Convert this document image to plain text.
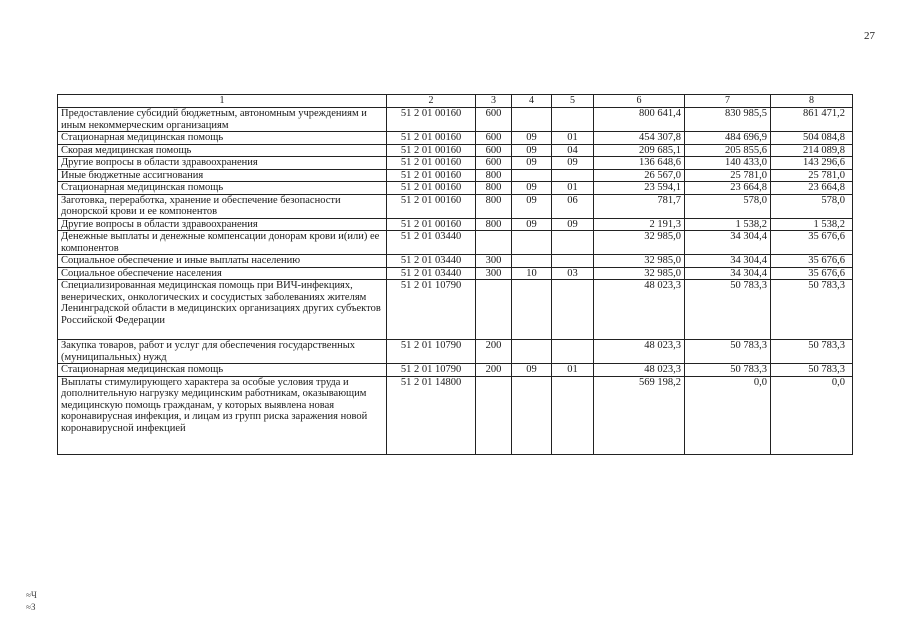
27
1	2	3	4	5	6	7	8
Предоставление субсидий бюджетным, автономным учреждениям и иным некоммерческим организациям	51 2 01 00160	600			800 641,4	830 985,5	861 471,2
Стационарная медицинская помощь	51 2 01 00160	600	09	01	454 307,8	484 696,9	504 084,8
Скорая медицинская помощь	51 2 01 00160	600	09	04	209 685,1	205 855,6	214 089,8
Другие вопросы в области здравоохранения	51 2 01 00160	600	09	09	136 648,6	140 433,0	143 296,6
Иные бюджетные ассигнования	51 2 01 00160	800			26 567,0	25 781,0	25 781,0
Стационарная медицинская помощь	51 2 01 00160	800	09	01	23 594,1	23 664,8	23 664,8
Заготовка, переработка, хранение и обеспечение безопасности донорской крови и ее компонентов	51 2 01 00160	800	09	06	781,7	578,0	578,0
Другие вопросы в области здравоохранения	51 2 01 00160	800	09	09	2 191,3	1 538,2	1 538,2
Денежные выплаты и денежные компенсации донорам крови и(или) ее компонентов	51 2 01 03440				32 985,0	34 304,4	35 676,6
Социальное обеспечение и иные выплаты населению	51 2 01 03440	300			32 985,0	34 304,4	35 676,6
Социальное обеспечение населения	51 2 01 03440	300	10	03	32 985,0	34 304,4	35 676,6
Специализированная медицинская помощь при ВИЧ-инфекциях, венерических, онкологических и сосудистых заболеваниях жителям Ленинградской области в медицинских организациях других субъектов Российской Федерации	51 2 01 10790				48 023,3	50 783,3	50 783,3
Закупка товаров, работ и услуг для обеспечения государственных (муниципальных) нужд	51 2 01 10790	200			48 023,3	50 783,3	50 783,3
Стационарная медицинская помощь	51 2 01 10790	200	09	01	48 023,3	50 783,3	50 783,3
Выплаты стимулирующего характера за особые условия труда и дополнительную нагрузку медицинским работникам, оказывающим медицинскую помощь гражданам, у которых выявлена новая коронавирусная инфекция, и лицам из групп риска заражения новой коронавирусной инфекцией	51 2 01 14800				569 198,2	0,0	0,0
≈Ч
≈З
